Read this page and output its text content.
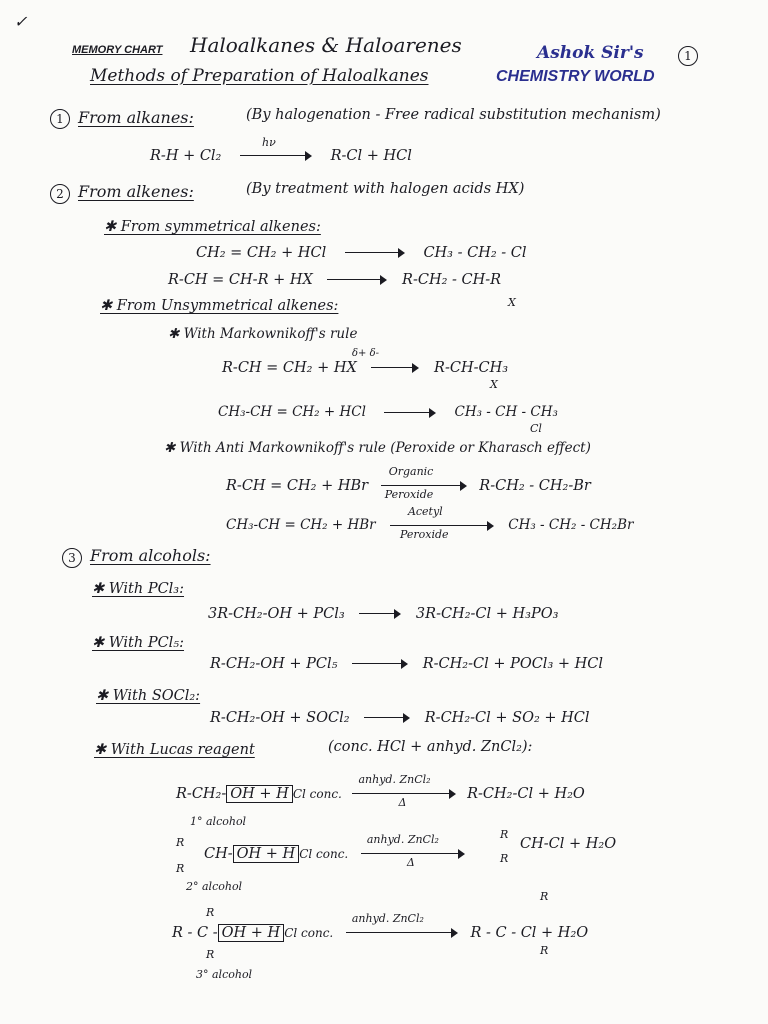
✓
MEMORY CHART Haloalkanes & Haloarenes	Ashok Sir's	1
Methods of Preparation of Haloalkanes	CHEMISTRY WORLD
1 From alkanes:	(By halogenation - Free radical substitution mechanism)
R-H + Cl₂
hν
R-Cl + HCl
2 From alkenes:	(By treatment with halogen acids HX)
✱ From symmetrical alkenes:
CH₂ = CH₂ + HCl	CH₃ - CH₂ - Cl
R-CH = CH-R + HX	R-CH₂ - CH-R
X
✱ From Unsymmetrical alkenes:
✱ With Markownikoff's rule
δ+ δ-
R-CH = CH₂ + HX	R-CH-CH₃
X
CH₃-CH = CH₂ + HCl	CH₃ - CH - CH₃
Cl
✱ With Anti Markownikoff's rule (Peroxide or Kharasch effect)
R-CH = CH₂ + HBr
Organic
Peroxide
R-CH₂ - CH₂-Br
CH₃-CH = CH₂ + HBr
Acetyl
Peroxide
CH₃ - CH₂ - CH₂Br
3 From alcohols:
✱ With PCl₃:
3R-CH₂-OH + PCl₃	3R-CH₂-Cl + H₃PO₃
✱ With PCl₅:
R-CH₂-OH + PCl₅	R-CH₂-Cl + POCl₃ + HCl
✱ With SOCl₂:
R-CH₂-OH + SOCl₂	R-CH₂-Cl + SO₂ + HCl
✱ With Lucas reagent	(conc. HCl + anhyd. ZnCl₂):
R-CH₂- OH + H Cl conc.
anhyd. ZnCl₂
Δ
R-CH₂-Cl + H₂O
1° alcohol
R
R
CH- OH + H Cl conc.
anhyd. ZnCl₂
Δ
R
R
CH-Cl + H₂O
2° alcohol
R
R
R - C - OH + H Cl conc.
anhyd. ZnCl₂
R - C - Cl + H₂O
R
R
3° alcohol
